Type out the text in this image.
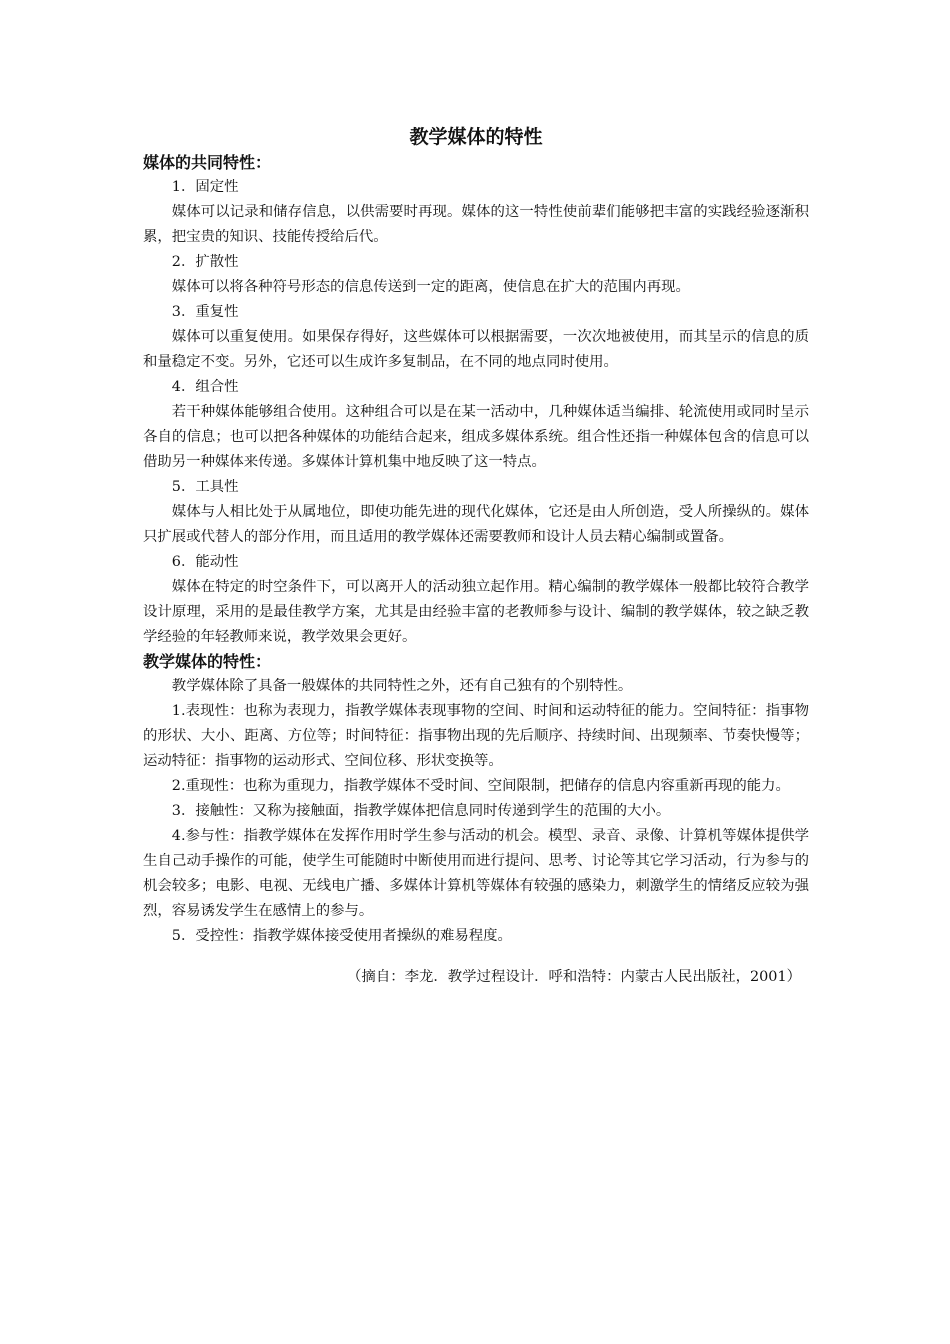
教学媒体的特性
媒体的共同特性：

1．固定性

媒体可以记录和储存信息，以供需要时再现。媒体的这一特性使前辈们能够把丰富的实践经验逐渐积累，把宝贵的知识、技能传授给后代。

2．扩散性

媒体可以将各种符号形态的信息传送到一定的距离，使信息在扩大的范围内再现。

3．重复性

媒体可以重复使用。如果保存得好，这些媒体可以根据需要，一次次地被使用，而其呈示的信息的质和量稳定不变。另外，它还可以生成许多复制品，在不同的地点同时使用。

4．组合性

若干种媒体能够组合使用。这种组合可以是在某一活动中，几种媒体适当编排、轮流使用或同时呈示各自的信息；也可以把各种媒体的功能结合起来，组成多媒体系统。组合性还指一种媒体包含的信息可以借助另一种媒体来传递。多媒体计算机集中地反映了这一特点。

5．工具性

媒体与人相比处于从属地位，即使功能先进的现代化媒体，它还是由人所创造，受人所操纵的。媒体只扩展或代替人的部分作用，而且适用的教学媒体还需要教师和设计人员去精心编制或置备。

6．能动性

媒体在特定的时空条件下，可以离开人的活动独立起作用。精心编制的教学媒体一般都比较符合教学设计原理，采用的是最佳教学方案，尤其是由经验丰富的老教师参与设计、编制的教学媒体，较之缺乏教学经验的年轻教师来说，教学效果会更好。

教学媒体的特性：

教学媒体除了具备一般媒体的共同特性之外，还有自己独有的个别特性。

1.表现性：也称为表现力，指教学媒体表现事物的空间、时间和运动特征的能力。空间特征：指事物的形状、大小、距离、方位等；时间特征：指事物出现的先后顺序、持续时间、出现频率、节奏快慢等；运动特征：指事物的运动形式、空间位移、形状变换等。

2.重现性：也称为重现力，指教学媒体不受时间、空间限制，把储存的信息内容重新再现的能力。

3．接触性：又称为接触面，指教学媒体把信息同时传递到学生的范围的大小。

4.参与性：指教学媒体在发挥作用时学生参与活动的机会。模型、录音、录像、计算机等媒体提供学生自己动手操作的可能，使学生可能随时中断使用而进行提问、思考、讨论等其它学习活动，行为参与的机会较多；电影、电视、无线电广播、多媒体计算机等媒体有较强的感染力，刺激学生的情绪反应较为强烈，容易诱发学生在感情上的参与。

5．受控性：指教学媒体接受使用者操纵的难易程度。

（摘自：李龙．教学过程设计．呼和浩特：内蒙古人民出版社，2001）
